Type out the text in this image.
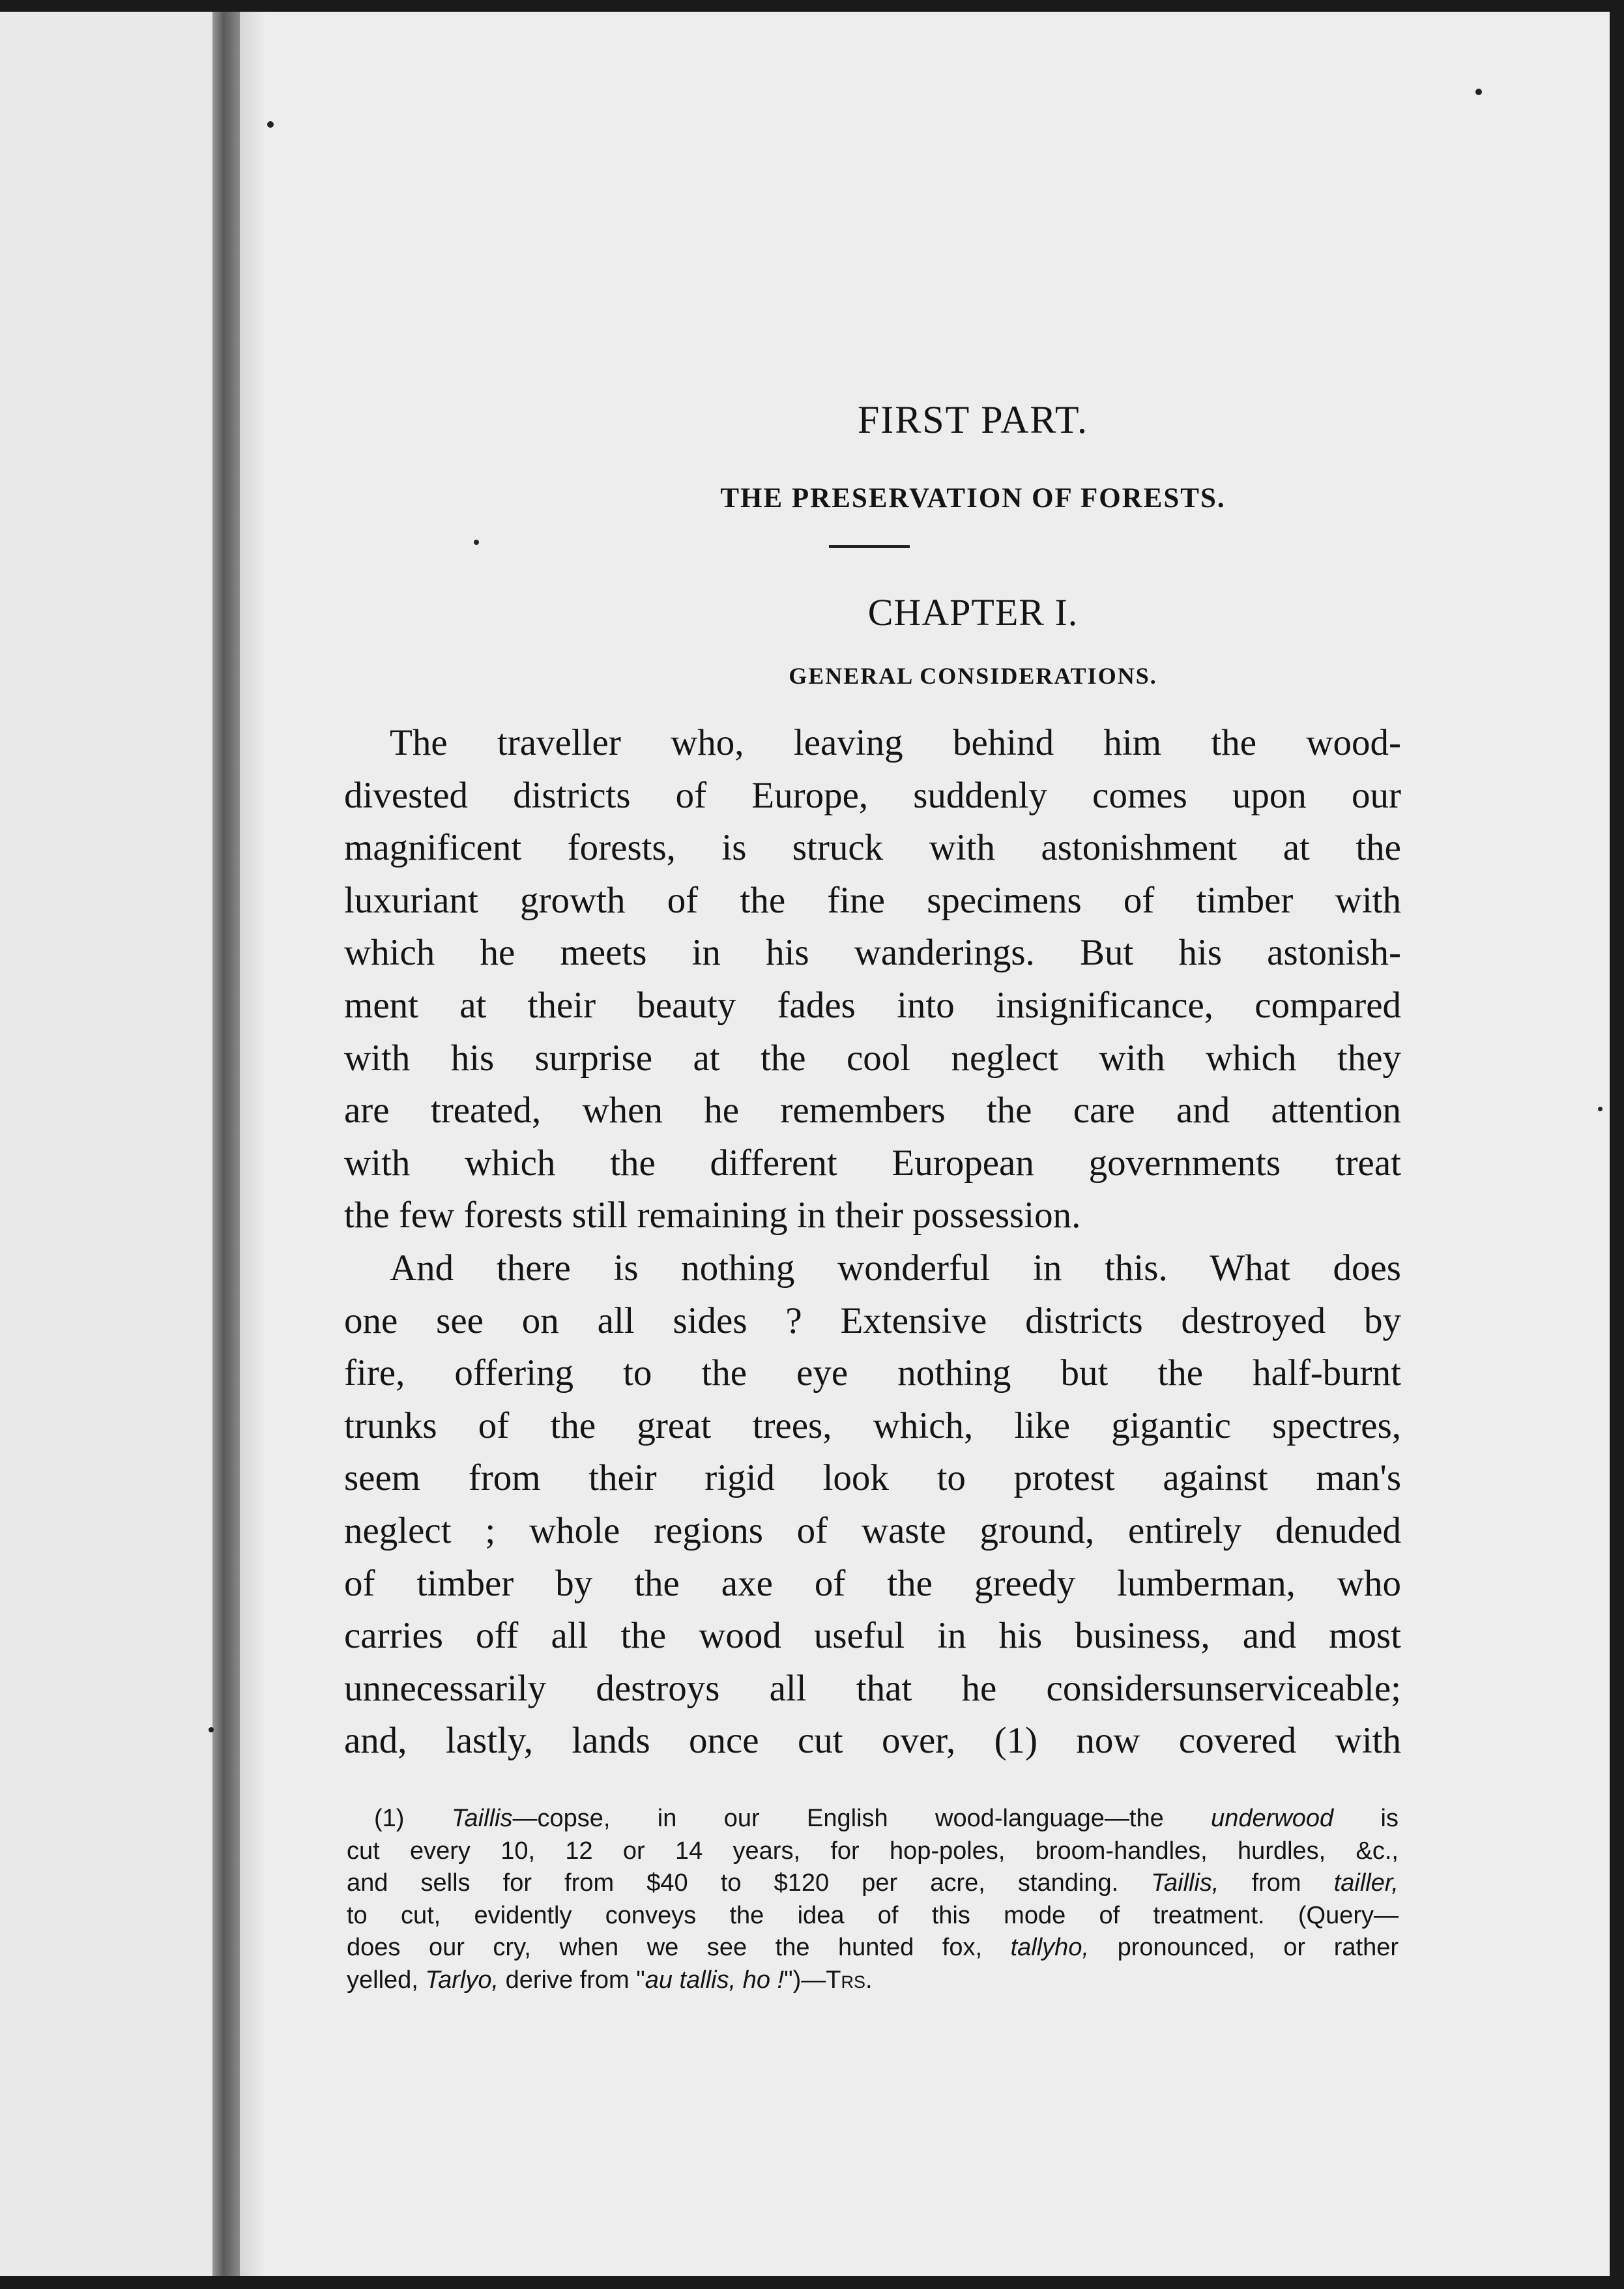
FIRST PART.
THE PRESERVATION OF FORESTS.
CHAPTER I.
GENERAL CONSIDERATIONS.
The traveller who, leaving behind him the wood-
divested districts of Europe, suddenly comes upon our
magnificent forests, is struck with astonishment at the
luxuriant growth of the fine specimens of timber with
which he meets in his wanderings. But his astonish-
ment at their beauty fades into insignificance, compared
with his surprise at the cool neglect with which they
are treated, when he remembers the care and attention
with which the different European governments treat
the few forests still remaining in their possession.
And there is nothing wonderful in this. What does
one see on all sides ? Extensive districts destroyed by
fire, offering to the eye nothing but the half-burnt
trunks of the great trees, which, like gigantic spectres,
seem from their rigid look to protest against man's
neglect ; whole regions of waste ground, entirely denuded
of timber by the axe of the greedy lumberman, who
carries off all the wood useful in his business, and most
unnecessarily destroys all that he considersunserviceable;
and, lastly, lands once cut over, (1) now covered with
(1) Taillis—copse, in our English wood-language—the underwood is
cut every 10, 12 or 14 years, for hop-poles, broom-handles, hurdles, &c.,
and sells for from $40 to $120 per acre, standing. Taillis, from tailler,
to cut, evidently conveys the idea of this mode of treatment. (Query—
does our cry, when we see the hunted fox, tallyho, pronounced, or rather
yelled, Tarlyo, derive from "au tallis, ho !")—Trs.
